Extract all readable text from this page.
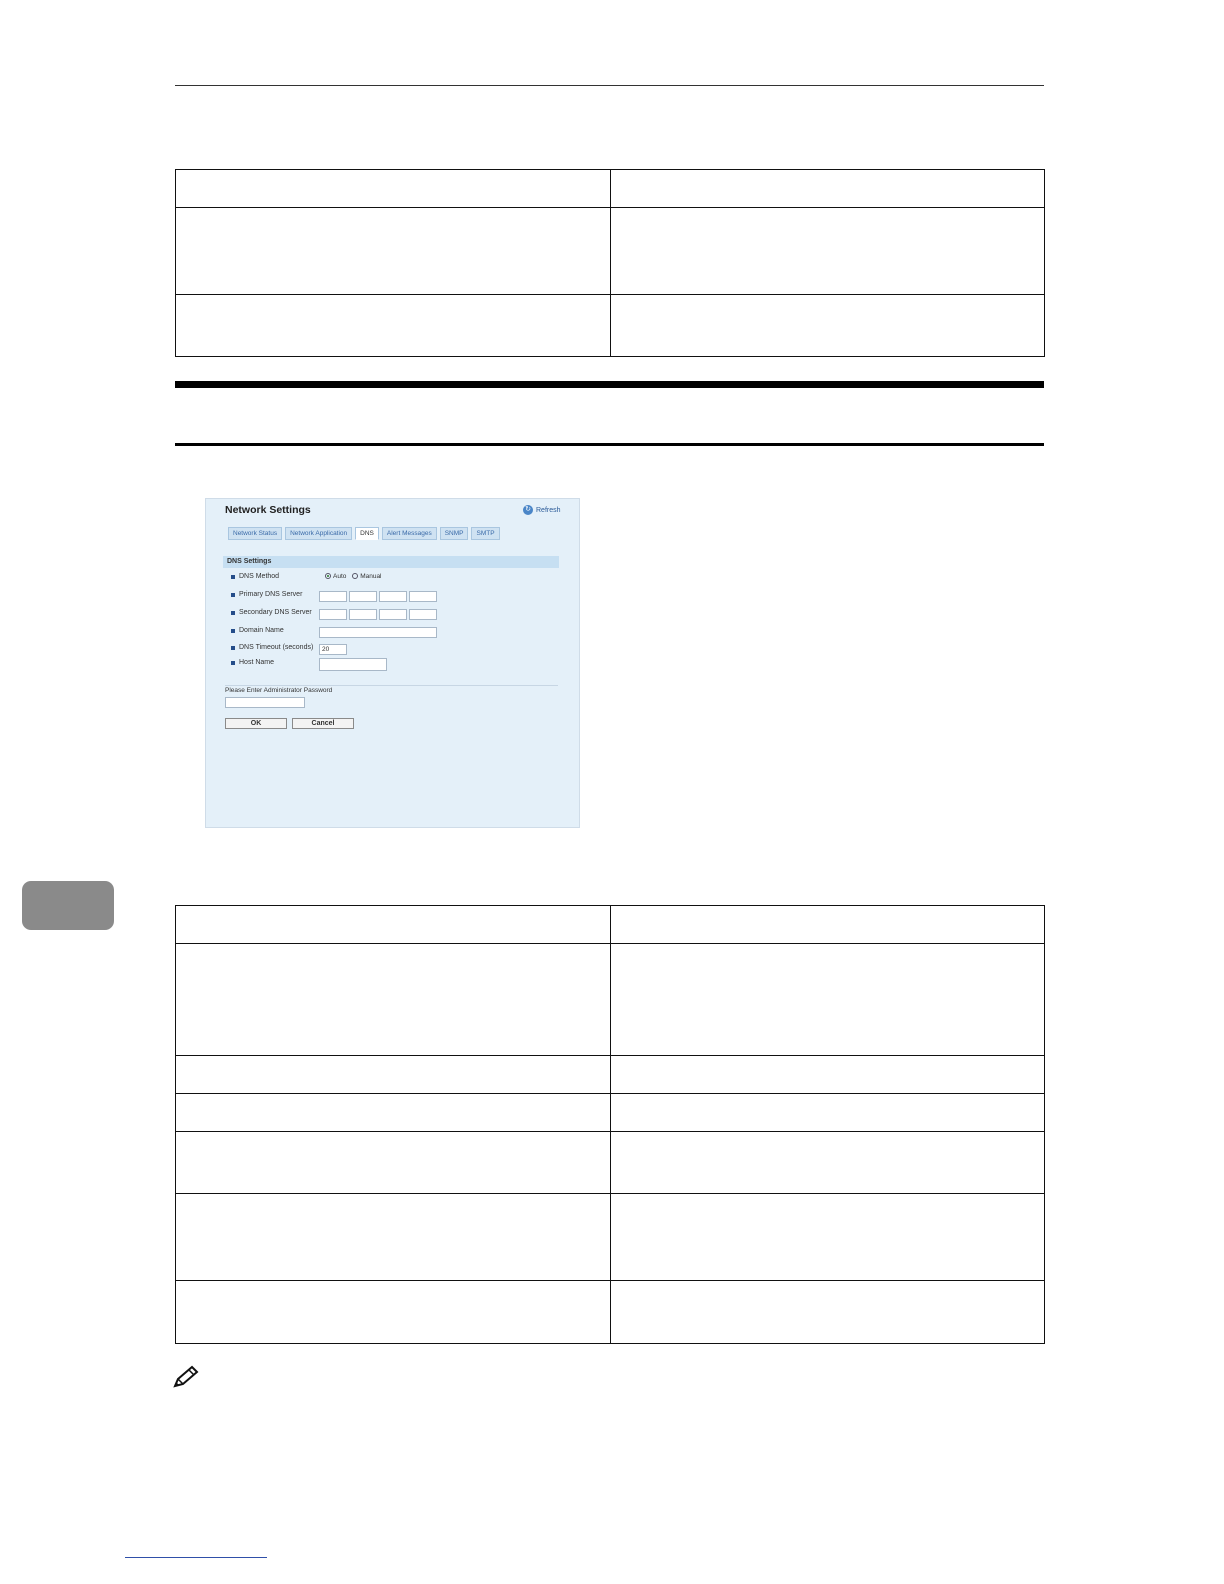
Network Settings	↻ Refresh
Network Status	Network Application	DNS	Alert Messages	SNMP	SMTP
DNS Settings
DNS Method	Auto Manual
Primary DNS Server
Secondary DNS Server
Domain Name
DNS Timeout (seconds)	20
Host Name
Please Enter Administrator Password
OK	Cancel
